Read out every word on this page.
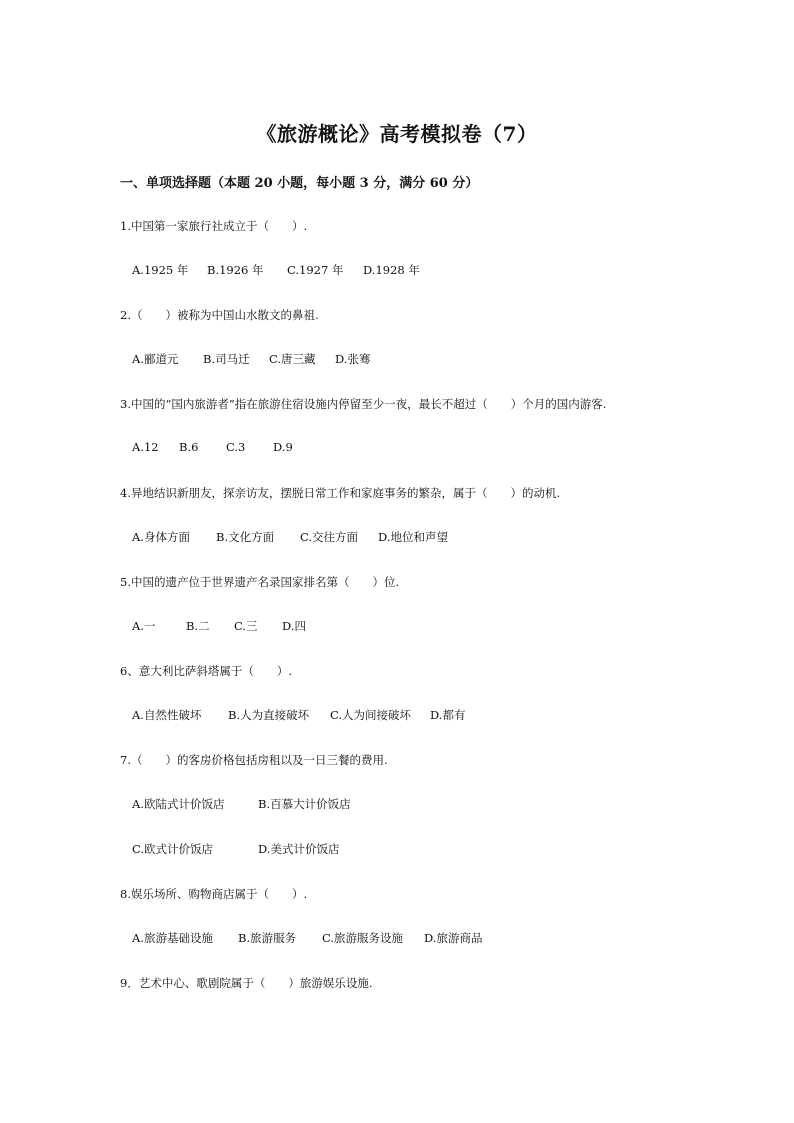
《旅游概论》高考模拟卷（7）
一、单项选择题（本题 20 小题，每小题 3 分，满分 60 分）
1.中国第一家旅行社成立于（　　）.
A.1925 年 B.1926 年 C.1927 年 D.1928 年
2.（　　）被称为中国山水散文的鼻祖.
A.郦道元 B.司马迁 C.唐三藏 D.张骞
3.中国的“国内旅游者”指在旅游住宿设施内停留至少一夜，最长不超过（　　）个月的国内游客.
A.12 B.6 C.3 D.9
4.异地结识新朋友，探亲访友，摆脱日常工作和家庭事务的繁杂，属于（　　）的动机.
A.身体方面 B.文化方面 C.交往方面 D.地位和声望
5.中国的遗产位于世界遗产名录国家排名第（　　）位.
A.一	B.二 C.三 D.四
6、意大利比萨斜塔属于（　　）.
A.自然性破坏 B.人为直接破坏 C.人为间接破坏 D.都有
7.（　　）的客房价格包括房租以及一日三餐的费用.
A.欧陆式计价饭店	B.百慕大计价饭店
C.欧式计价饭店	D.美式计价饭店
8.娱乐场所、购物商店属于（　　）.
A.旅游基础设施 B.旅游服务 C.旅游服务设施 D.旅游商品
9．艺术中心、歌剧院属于（　　）旅游娱乐设施.
